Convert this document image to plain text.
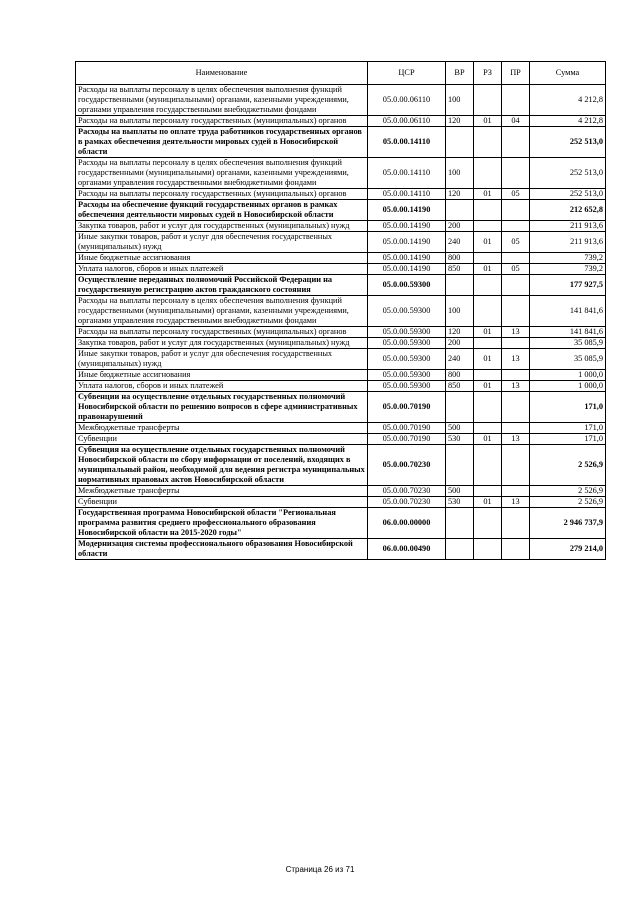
Наименование	ЦСР	ВР	РЗ	ПР	Сумма
Расходы на выплаты персоналу в целях обеспечения выполнения функций государственными (муниципальными) органами, казенными учреждениями, органами управления государственными внебюджетными фондами	05.0.00.06110	100			4 212,8
Расходы на выплаты персоналу государственных (муниципальных) органов	05.0.00.06110	120	01	04	4 212,8
Расходы на выплаты по оплате труда работников государственных органов в рамках обеспечения деятельности мировых судей в Новосибирской области	05.0.00.14110				252 513,0
Расходы на выплаты персоналу в целях обеспечения выполнения функций государственными (муниципальными) органами, казенными учреждениями, органами управления государственными внебюджетными фондами	05.0.00.14110	100			252 513,0
Расходы на выплаты персоналу государственных (муниципальных) органов	05.0.00.14110	120	01	05	252 513,0
Расходы на обеспечение функций государственных органов в рамках обеспечения деятельности мировых судей в Новосибирской области	05.0.00.14190				212 652,8
Закупка товаров, работ и услуг для государственных (муниципальных) нужд	05.0.00.14190	200			211 913,6
Иные закупки товаров, работ и услуг для обеспечения государственных (муниципальных) нужд	05.0.00.14190	240	01	05	211 913,6
Иные бюджетные ассигнования	05.0.00.14190	800			739,2
Уплата налогов, сборов и иных платежей	05.0.00.14190	850	01	05	739,2
Осуществление переданных полномочий Российской Федерации на государственную регистрацию актов гражданского состояния	05.0.00.59300				177 927,5
Расходы на выплаты персоналу в целях обеспечения выполнения функций государственными (муниципальными) органами, казенными учреждениями, органами управления государственными внебюджетными фондами	05.0.00.59300	100			141 841,6
Расходы на выплаты персоналу государственных (муниципальных) органов	05.0.00.59300	120	01	13	141 841,6
Закупка товаров, работ и услуг для государственных (муниципальных) нужд	05.0.00.59300	200			35 085,9
Иные закупки товаров, работ и услуг для обеспечения государственных (муниципальных) нужд	05.0.00.59300	240	01	13	35 085,9
Иные бюджетные ассигнования	05.0.00.59300	800			1 000,0
Уплата налогов, сборов и иных платежей	05.0.00.59300	850	01	13	1 000,0
Субвенции на осуществление отдельных государственных полномочий Новосибирской области по решению вопросов в сфере административных правонарушений	05.0.00.70190				171,0
Межбюджетные трансферты	05.0.00.70190	500			171,0
Субвенции	05.0.00.70190	530	01	13	171,0
Субвенция на осуществление отдельных государственных полномочий Новосибирской области по сбору информации от поселений, входящих в муниципальный район, необходимой для ведения регистра муниципальных нормативных правовых актов Новосибирской области	05.0.00.70230				2 526,9
Межбюджетные трансферты	05.0.00.70230	500			2 526,9
Субвенции	05.0.00.70230	530	01	13	2 526,9
Государственная программа Новосибирской области "Региональная программа развития среднего профессионального образования Новосибирской области на 2015-2020 годы"	06.0.00.00000				2 946 737,9
Модернизация системы профессионального образования Новосибирской области	06.0.00.00490				279 214,0
Страница 26 из 71
